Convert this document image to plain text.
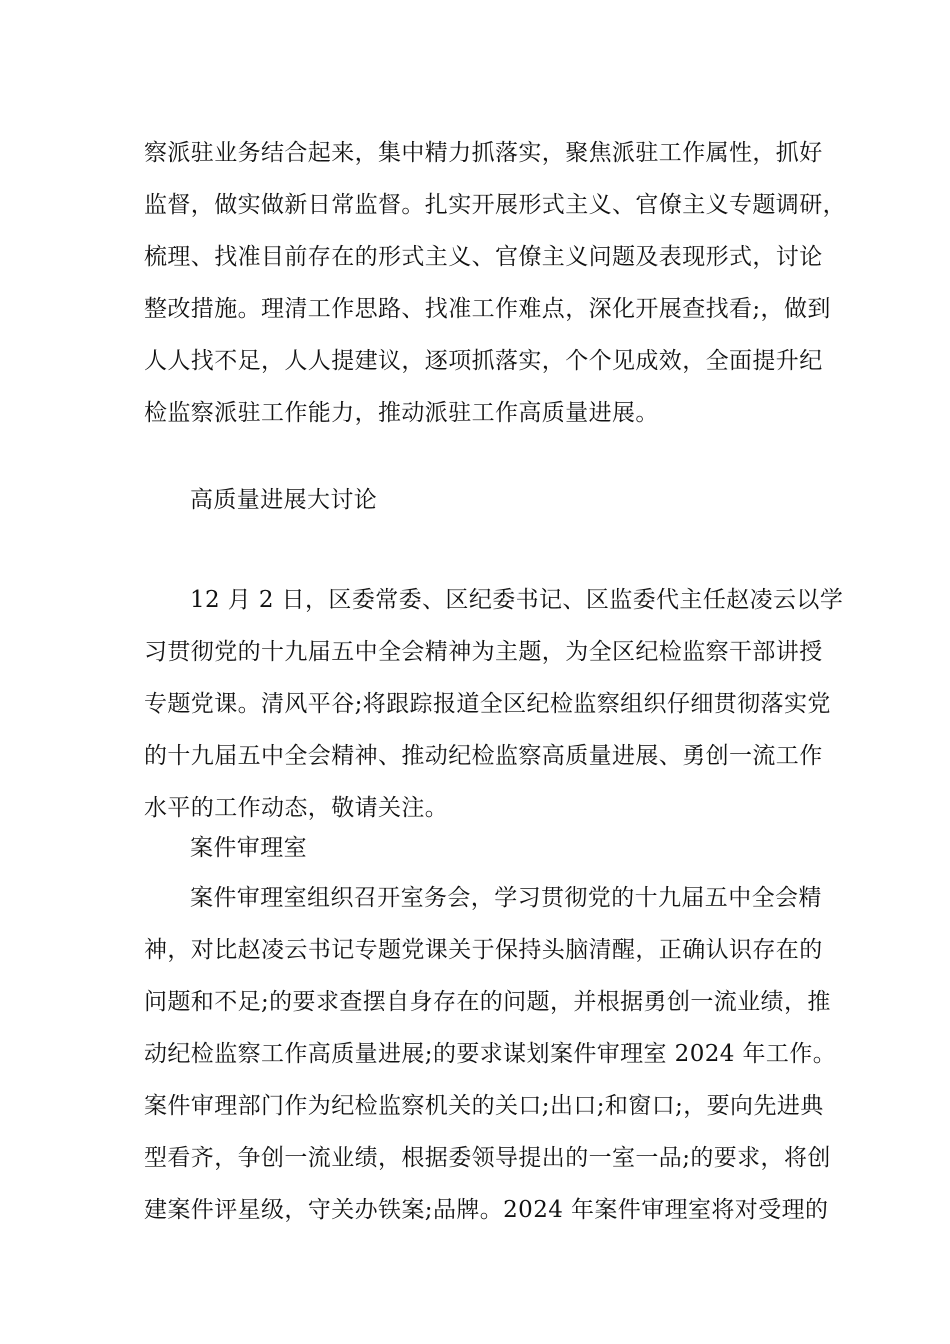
察派驻业务结合起来，集中精力抓落实，聚焦派驻工作属性，抓好
监督，做实做新日常监督。扎实开展形式主义、官僚主义专题调研，
梳理、找准目前存在的形式主义、官僚主义问题及表现形式，讨论
整改措施。理清工作思路、找准工作难点，深化开展查找看;，做到
人人找不足，人人提建议，逐项抓落实，个个见成效，全面提升纪
检监察派驻工作能力，推动派驻工作高质量进展。
高质量进展大讨论
12 月 2 日，区委常委、区纪委书记、区监委代主任赵凌云以学
习贯彻党的十九届五中全会精神为主题，为全区纪检监察干部讲授
专题党课。清风平谷;将跟踪报道全区纪检监察组织仔细贯彻落实党
的十九届五中全会精神、推动纪检监察高质量进展、勇创一流工作
水平的工作动态，敬请关注。
案件审理室
案件审理室组织召开室务会，学习贯彻党的十九届五中全会精
神，对比赵凌云书记专题党课关于保持头脑清醒，正确认识存在的
问题和不足;的要求查摆自身存在的问题，并根据勇创一流业绩，推
动纪检监察工作高质量进展;的要求谋划案件审理室 2024 年工作。
案件审理部门作为纪检监察机关的关口;出口;和窗口;，要向先进典
型看齐，争创一流业绩，根据委领导提出的一室一品;的要求，将创
建案件评星级，守关办铁案;品牌。2024 年案件审理室将对受理的
